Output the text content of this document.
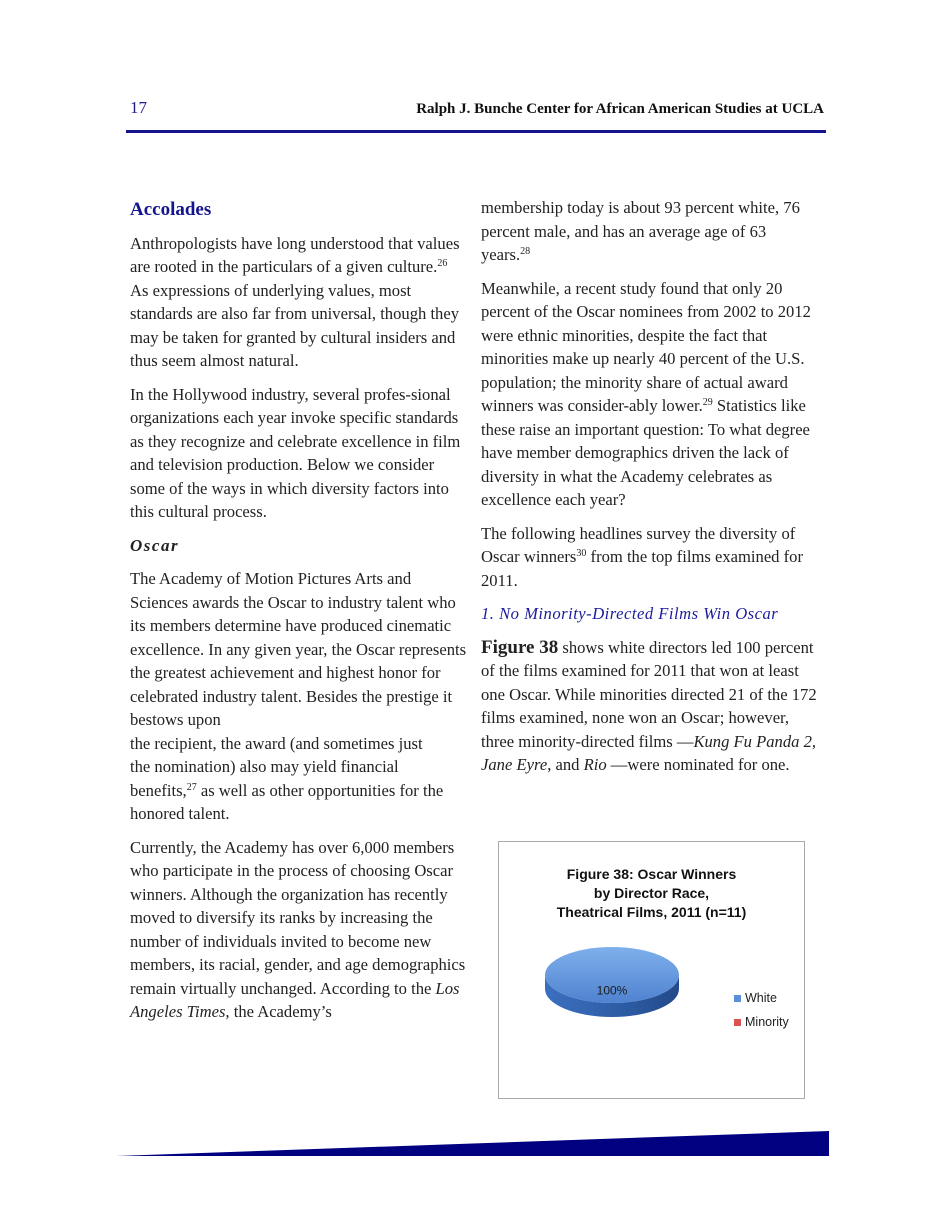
17	Ralph J. Bunche Center for African American Studies at UCLA
Accolades

Anthropologists have long understood that values are rooted in the particulars of a given culture.$^{26}$ As expressions of underlying values, most standards are also far from universal, though they may be taken for granted by cultural insiders and thus seem almost natural.

In the Hollywood industry, several profes-sional organizations each year invoke specific standards as they recognize and celebrate excellence in film and television production. Below we consider some of the ways in which diversity factors into this cultural process.

Oscar

The Academy of Motion Pictures Arts and Sciences awards the Oscar to industry talent who its members determine have produced cinematic excellence. In any given year, the Oscar represents the greatest achievement and highest honor for celebrated industry talent. Besides the prestige it bestows upon
the recipient, the award (and sometimes just
the nomination) also may yield financial benefits,$^{27}$ as well as other opportunities for the honored talent.

Currently, the Academy has over 6,000 members who participate in the process of choosing Oscar winners. Although the organization has recently moved to diversify its ranks by increasing the number of individuals invited to become new members, its racial, gender, and age demographics remain virtually unchanged. According to the Los Angeles Times, the Academy’s

membership today is about 93 percent white, 76 percent male, and has an average age of 63 years.$^{28}$

Meanwhile, a recent study found that only 20 percent of the Oscar nominees from 2002 to 2012 were ethnic minorities, despite the fact that minorities make up nearly 40 percent of the U.S. population; the minority share of actual award winners was consider-ably lower.$^{29}$ Statistics like these raise an important question: To what degree have member demographics driven the lack of diversity in what the Academy celebrates as excellence each year?

The following headlines survey the diversity of Oscar winners$^{30}$ from the top films examined for 2011.

1. No Minority-Directed Films Win Oscar

Figure 38 shows white directors led 100 percent of the films examined for 2011 that won at least one Oscar. While minorities directed 21 of the 172 films examined, none won an Oscar; however, three minority-directed films —Kung Fu Panda 2, Jane Eyre, and Rio —were nominated for one.

Figure 38: Oscar Winners
by Director Race,
Theatrical Films, 2011 (n=11)
100%
White
Minority
